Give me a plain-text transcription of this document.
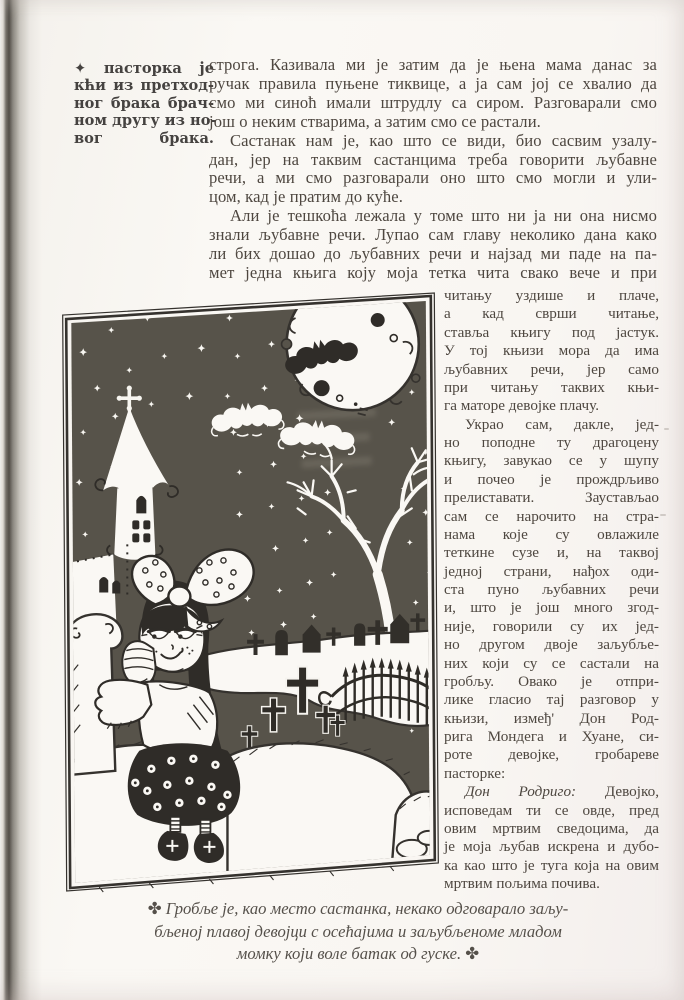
✦ пасторка је
кћи из претход-
ног брака брач-
ном другу из но-
вог брака.
строга. Казивала ми је затим да је њена мама данас за
ручак правила пуњене тиквице, а ја сам јој се хвалио да
смо ми синоћ имали штрудлу са сиром. Разговарали смо
још о неким стварима, а затим смо се растали.
Састанак нам је, као што се види, био сасвим узалу-
дан, јер на таквим састанцима треба говорити љубавне
речи, а ми смо разговарали оно што смо могли и ули-
цом, кад је пратим до куће.
Али је тешкоћа лежала у томе што ни ја ни она нисмо
знали љубавне речи. Лупао сам главу неколико дана како
ли бих дошао до љубавних речи и најзад ми паде на па-
мет једна књига коју моја тетка чита свако вече и при
читању уздише и плаче,
а кад сврши читање,
ставља књигу под јастук.
У тој књизи мора да има
љубавних речи, јер само
при читању таквих књи-
га маторе девојке плачу.
Украо сам, дакле, јед-
но поподне ту драгоцену
књигу, завукао се у шупу
и почео је прождрљиво
прелиставати. Заустављао
сам се нарочито на стра-
нама које су овлажиле
теткине сузе и, на таквој
једној страни, нађох оди-
ста пуно љубавних речи
и, што је још много згод-
није, говорили су их јед-
но другом двоје заљубље-
них који су се састали на
гробљу. Овако је отпри-
лике гласио тај разговор у
књизи, измеђ' Дон Род-
рига Мондега и Хуане, си-
роте девојке, гробареве
пасторке:
Дон Родриго: Девојко,
исповедам ти се овде, пред
овим мртвим сведоцима, да
је моја љубав искрена и дубо-
ка као што је туга која на овим
мртвим пољима почива.
✤ Гробље је, као место састанка, некако одговарало заљу-
бљеној плавој девојци с осећајима и заљубљеноме младом
момку који воле батак од гуске. ✤
